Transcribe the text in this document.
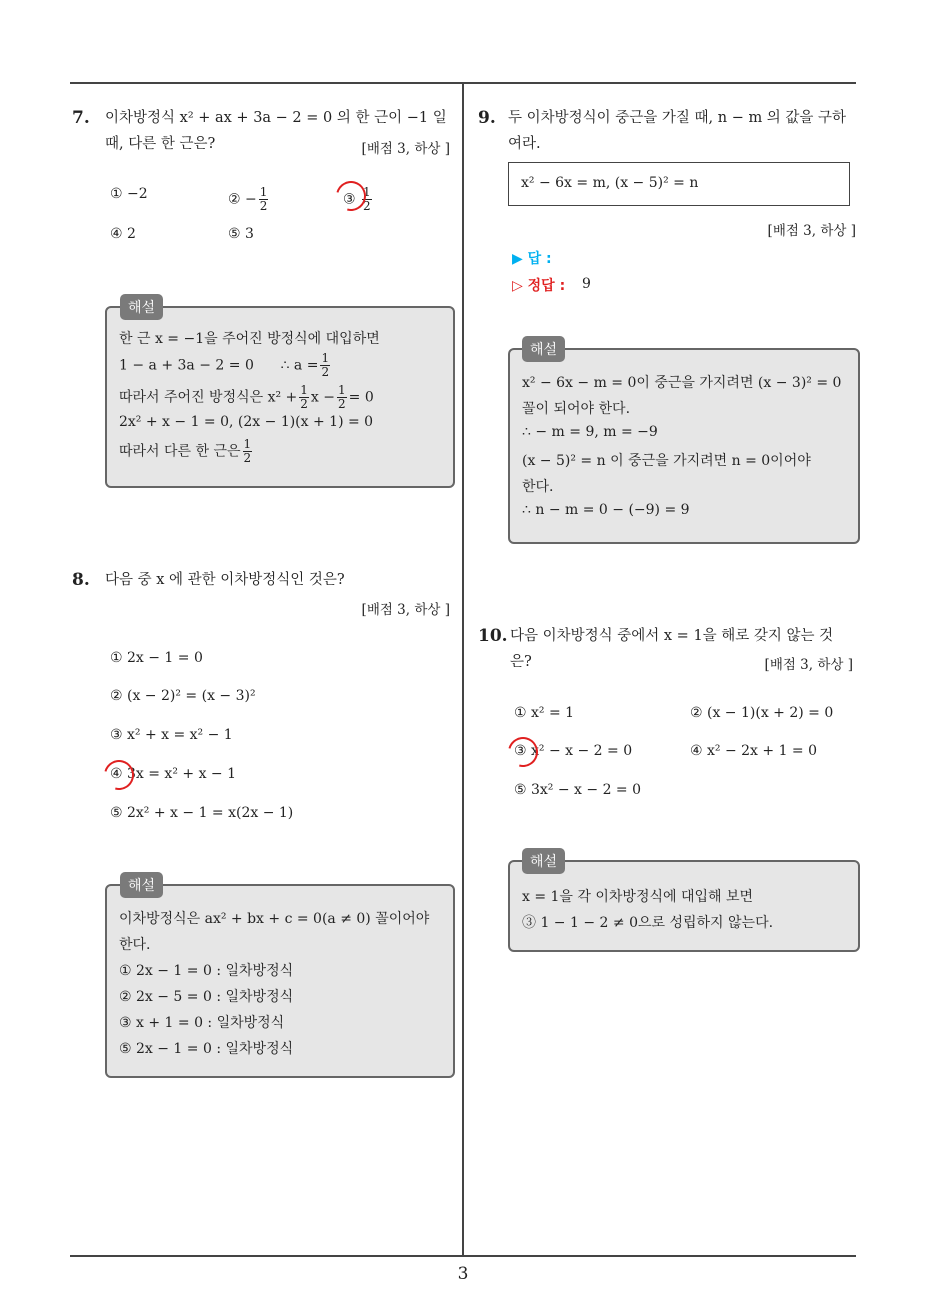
3
7. 이차방정식 x² + ax + 3a − 2 = 0 의 한 근이 −1 일
때, 다른 한 근은?	[배점 3, 하상 ]
① −2	② − $\frac{1}{2}$	③ $\frac{1}{2}$
④ 2	⑤ 3
한 근 x = −1을 주어진 방정식에 대입하면
1 − a + 3a − 2 = 0 ∴ $a = \frac{1}{2}$
따라서 주어진 방정식은 $x^2 + \frac{1}{2}$ $x - \frac{1}{2} = 0$
2x² + x − 1 = 0, (2x − 1)(x + 1) = 0
따라서 다른 한 근은 $\frac{1}{2}$
해설
8. 다음 중 x 에 관한 이차방정식인 것은?
[배점 3, 하상 ]
① 2x − 1 = 0
② (x − 2)² = (x − 3)²
③ x² + x = x² − 1
④ 3x = x² + x − 1
⑤ 2x² + x − 1 = x(2x − 1)
이차방정식은 ax² + bx + c = 0(a ≠ 0) 꼴이어야
한다.
① 2x − 1 = 0 : 일차방정식
② 2x − 5 = 0 : 일차방정식
③ x + 1 = 0 : 일차방정식
⑤ 2x − 1 = 0 : 일차방정식
해설
9. 두 이차방정식이 중근을 가질 때, n − m 의 값을 구하
여라.
x² − 6x = m, (x − 5)² = n
[배점 3, 하상 ]
▶ 답 :
▷ 정답 : 9
x² − 6x − m = 0이 중근을 가지려면 (x − 3)² = 0
꼴이 되어야 한다.
∴ − m = 9, m = −9
(x − 5)² = n 이 중근을 가지려면 n = 0이어야
한다.
∴ n − m = 0 − (−9) = 9
해설
10. 다음 이차방정식 중에서 x = 1을 해로 갖지 않는 것
은?	[배점 3, 하상 ]
① x² = 1	② (x − 1)(x + 2) = 0
③ x² − x − 2 = 0	④ x² − 2x + 1 = 0
⑤ 3x² − x − 2 = 0
x = 1을 각 이차방정식에 대입해 보면
③ 1 − 1 − 2 ≠ 0으로 성립하지 않는다.
해설
